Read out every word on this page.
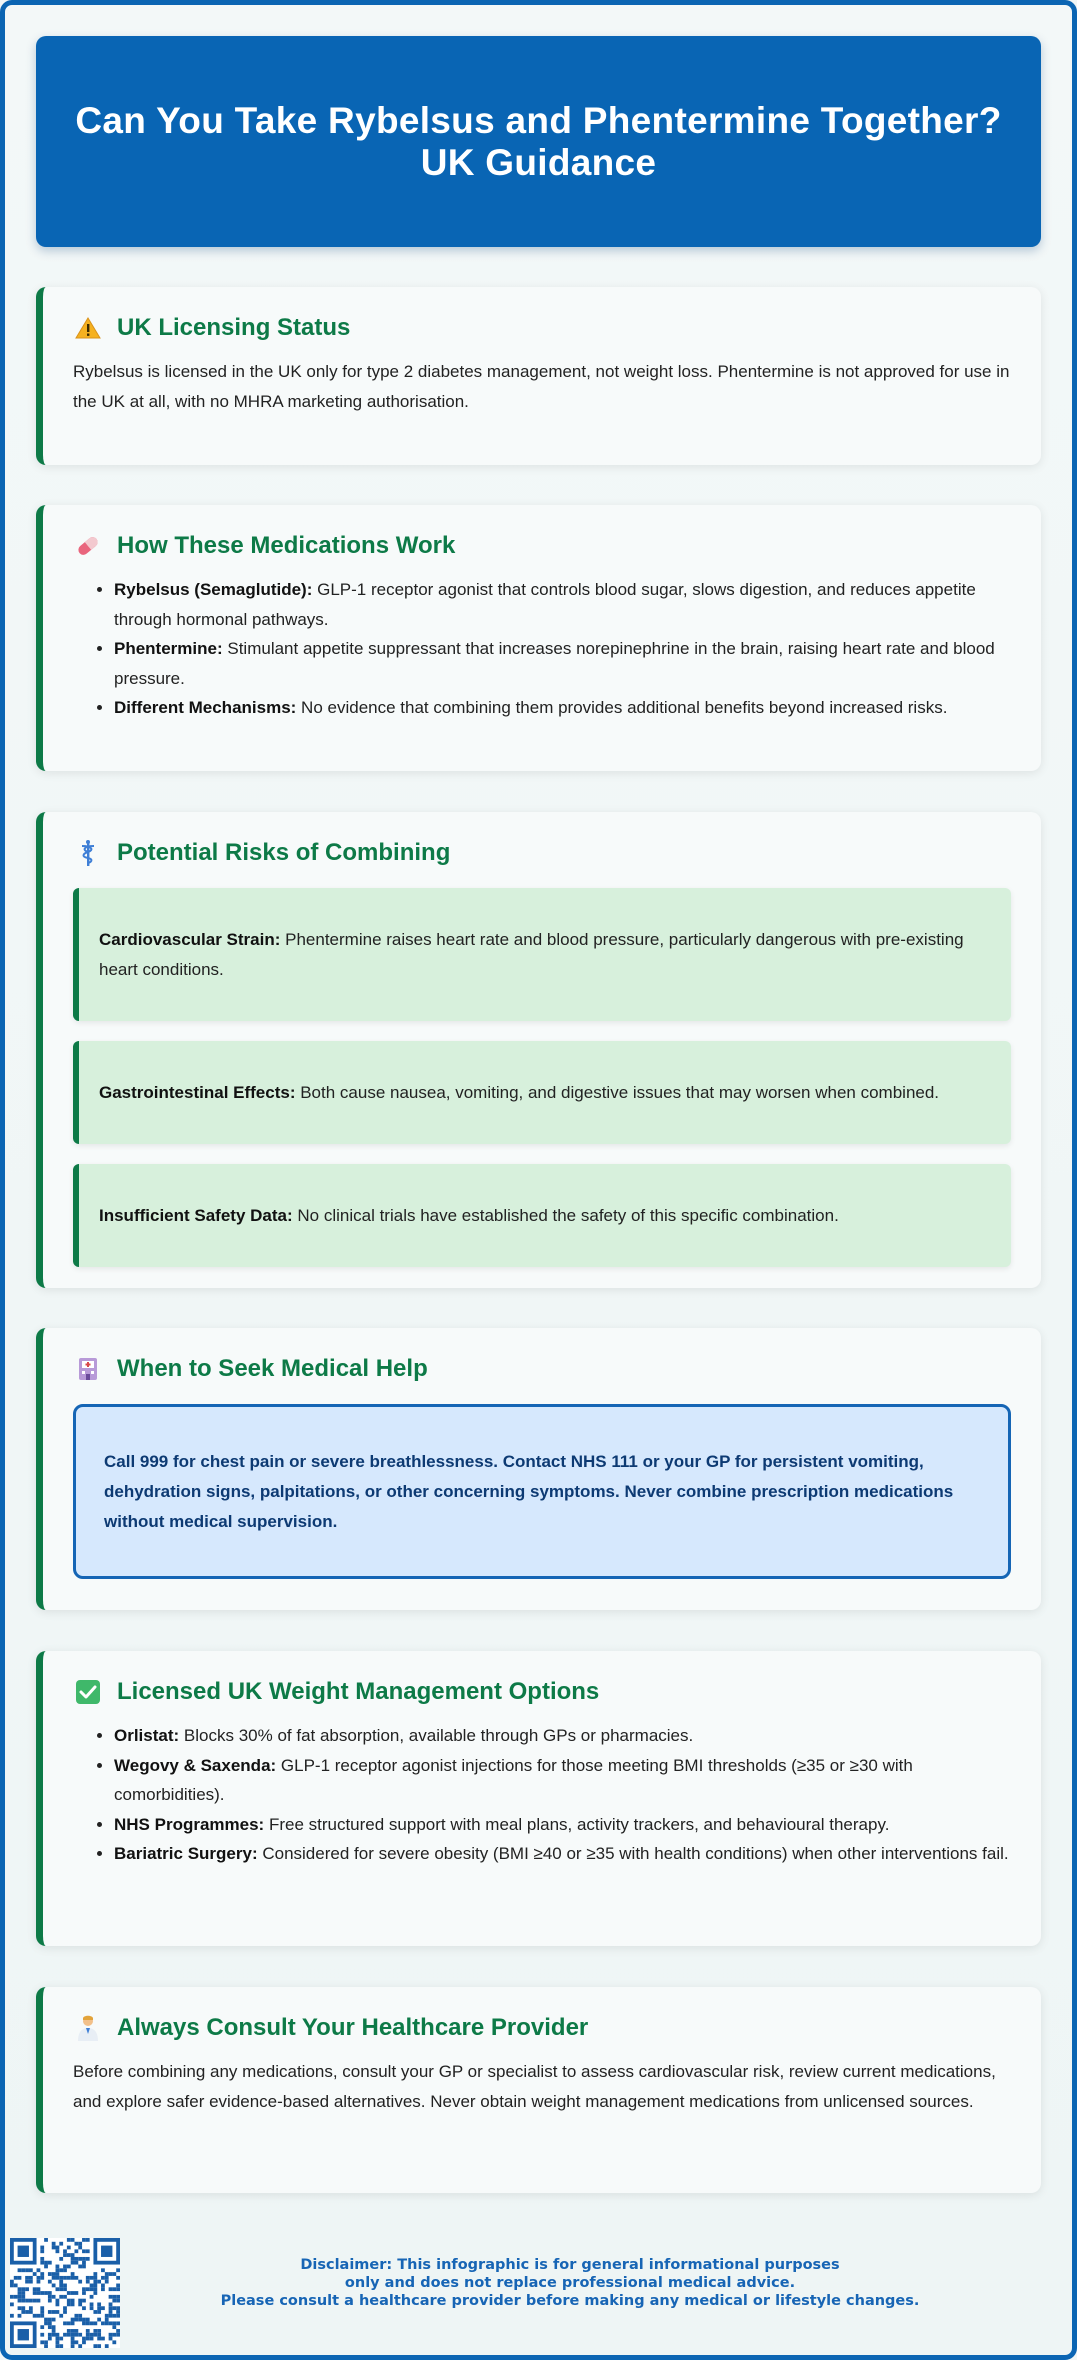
Can You Take Rybelsus and Phentermine Together? UK Guidance
UK Licensing Status

Rybelsus is licensed in the UK only for type 2 diabetes management, not weight loss. Phentermine is not approved for use in the UK at all, with no MHRA marketing authorisation.

How These Medications Work
• Rybelsus (Semaglutide): GLP-1 receptor agonist that controls blood sugar, slows digestion, and reduces appetite through hormonal pathways.
• Phentermine: Stimulant appetite suppressant that increases norepinephrine in the brain, raising heart rate and blood pressure.
• Different Mechanisms: No evidence that combining them provides additional benefits beyond increased risks.
Potential Risks of Combining
Cardiovascular Strain: Phentermine raises heart rate and blood pressure, particularly dangerous with pre-existing heart conditions.
Gastrointestinal Effects: Both cause nausea, vomiting, and digestive issues that may worsen when combined.
Insufficient Safety Data: No clinical trials have established the safety of this specific combination.
When to Seek Medical Help
Call 999 for chest pain or severe breathlessness. Contact NHS 111 or your GP for persistent vomiting, dehydration signs, palpitations, or other concerning symptoms. Never combine prescription medications without medical supervision.
Licensed UK Weight Management Options
• Orlistat: Blocks 30% of fat absorption, available through GPs or pharmacies.
• Wegovy & Saxenda: GLP-1 receptor agonist injections for those meeting BMI thresholds (≥35 or ≥30 with comorbidities).
• NHS Programmes: Free structured support with meal plans, activity trackers, and behavioural therapy.
• Bariatric Surgery: Considered for severe obesity (BMI ≥40 or ≥35 with health conditions) when other interventions fail.
Always Consult Your Healthcare Provider

Before combining any medications, consult your GP or specialist to assess cardiovascular risk, review current medications, and explore safer evidence-based alternatives. Never obtain weight management medications from unlicensed sources.

Disclaimer: This infographic is for general informational purposes
only and does not replace professional medical advice.
Please consult a healthcare provider before making any medical or lifestyle changes.
